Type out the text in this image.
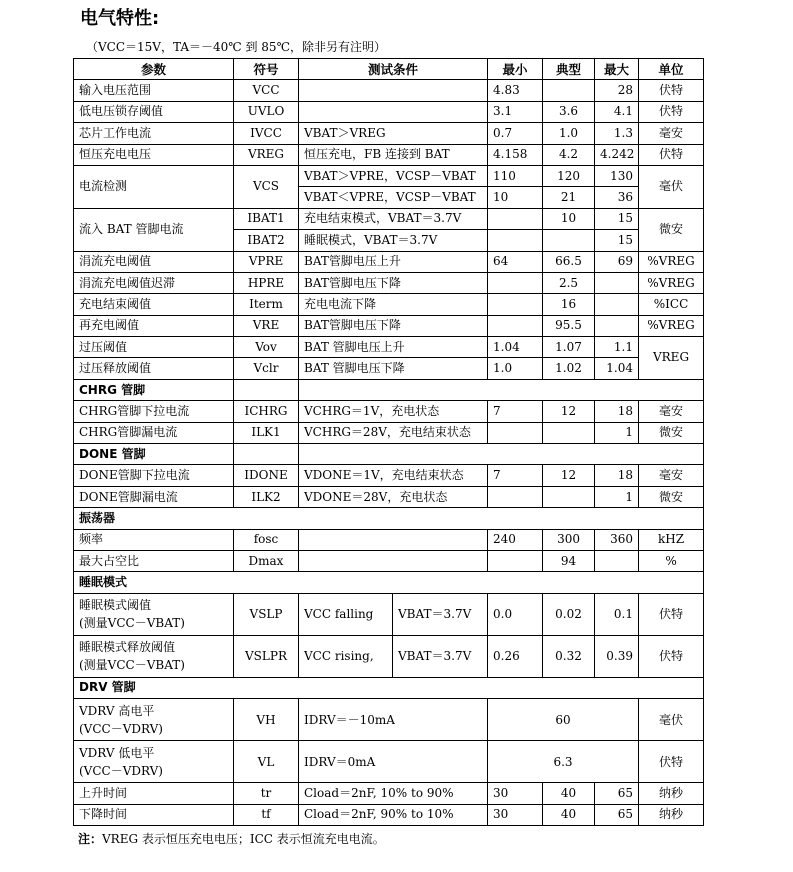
电气特性:
（VCC＝15V，TA＝－40℃ 到 85℃，除非另有注明）
参数	符号	测试条件		最小	典型	最大	单位
输入电压范围	VCC			4.83		28	伏特
低电压锁存阈值	UVLO			3.1	3.6	4.1	伏特
芯片工作电流	IVCC	VBAT＞VREG		0.7	1.0	1.3	毫安
恒压充电电压	VREG	恒压充电，FB 连接到 BAT		4.158	4.2	4.242	伏特
电流检测	VCS	VBAT＞VPRE，VCSP－VBAT		110	120	130	毫伏
		VBAT＜VPRE，VCSP－VBAT		10	21	36	
流入 BAT 管脚电流	IBAT1	充电结束模式，VBAT＝3.7V			10	15	微安
	IBAT2	睡眠模式，VBAT＝3.7V				15	
涓流充电阈值	VPRE	BAT管脚电压上升		64	66.5	69	%VREG
涓流充电阈值迟滞	HPRE	BAT管脚电压下降			2.5		%VREG
充电结束阈值	Iterm	充电电流下降			16		%ICC
再充电阈值	VRE	BAT管脚电压下降			95.5		%VREG
过压阈值	Vov	BAT 管脚电压上升		1.04	1.07	1.1	VREG
过压释放阈值	Vclr	BAT 管脚电压下降		1.0	1.02	1.04	
CHRG 管脚							
CHRG管脚下拉电流	ICHRG	VCHRG＝1V，充电状态		7	12	18	毫安
CHRG管脚漏电流	ILK1	VCHRG＝28V，充电结束状态				1	微安
DONE 管脚							
DONE管脚下拉电流	IDONE	VDONE＝1V，充电结束状态		7	12	18	毫安
DONE管脚漏电流	ILK2	VDONE＝28V，充电状态				1	微安
振荡器							
频率	fosc			240	300	360	kHZ
最大占空比	Dmax				94		%
睡眠模式							
睡眠模式阈值
(测量VCC－VBAT)	VSLP	VCC falling	VBAT＝3.7V	0.0	0.02	0.1	伏特
睡眠模式释放阈值
(测量VCC－VBAT)	VSLPR	VCC rising,	VBAT＝3.7V	0.26	0.32	0.39	伏特
DRV 管脚							
VDRV 高电平
(VCC－VDRV)	VH	IDRV＝－10mA		60			毫伏
VDRV 低电平
(VCC－VDRV)	VL	IDRV＝0mA		6.3			伏特
上升时间	tr	Cload＝2nF, 10% to 90%		30	40	65	纳秒
下降时间	tf	Cload＝2nF, 90% to 10%		30	40	65	纳秒
注：VREG 表示恒压充电电压；ICC 表示恒流充电电流。
